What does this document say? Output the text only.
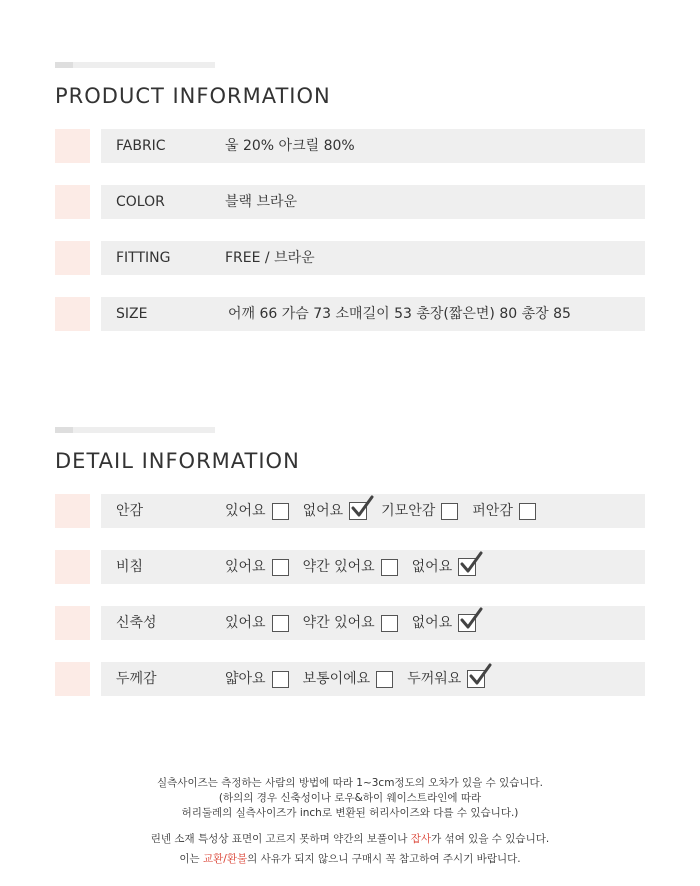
PRODUCT INFORMATION
FABRIC	울 20% 아크릴 80%
COLOR	블랙 브라운
FITTING	FREE / 브라운
SIZE	어깨 66 가슴 73 소매길이 53 총장(짧은면) 80 총장 85
DETAIL INFORMATION
안감	있어요	없어요	기모안감	퍼안감
비침	있어요	약간 있어요	없어요
신축성	있어요	약간 있어요	없어요
두께감	얇아요	보통이에요	두꺼워요

실측사이즈는 측정하는 사람의 방법에 따라 1~3cm정도의 오차가 있을 수 있습니다.

(하의의 경우 신축성이나 로우&하이 웨이스트라인에 따라

허리둘레의 실측사이즈가 inch로 변환된 허리사이즈와 다를 수 있습니다.)

린넨 소재 특성상 표면이 고르지 못하며 약간의 보풀이나 잡사가 섞여 있을 수 있습니다.

이는 교환/환불의 사유가 되지 않으니 구매시 꼭 참고하여 주시기 바랍니다.
